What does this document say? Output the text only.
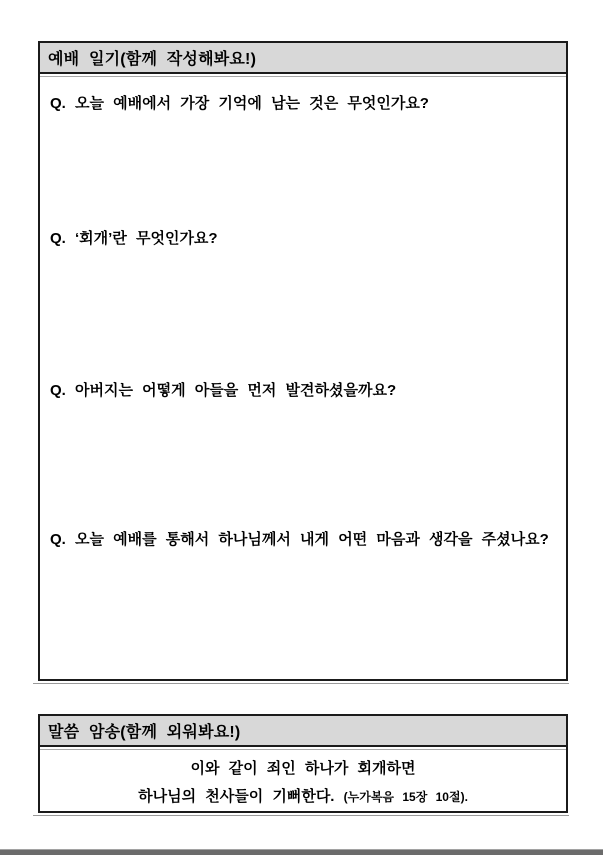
예배 일기(함께 작성해봐요!)

Q. 오늘 예배에서 가장 기억에 남는 것은 무엇인가요?

Q. ‘회개’란 무엇인가요?

Q. 아버지는 어떻게 아들을 먼저 발견하셨을까요?

Q. 오늘 예배를 통해서 하나님께서 내게 어떤 마음과 생각을 주셨나요?

말씀 암송(함께 외워봐요!)
이와 같이 죄인 하나가 회개하면
하나님의 천사들이 기뻐한다. (누가복음 15장 10절).
